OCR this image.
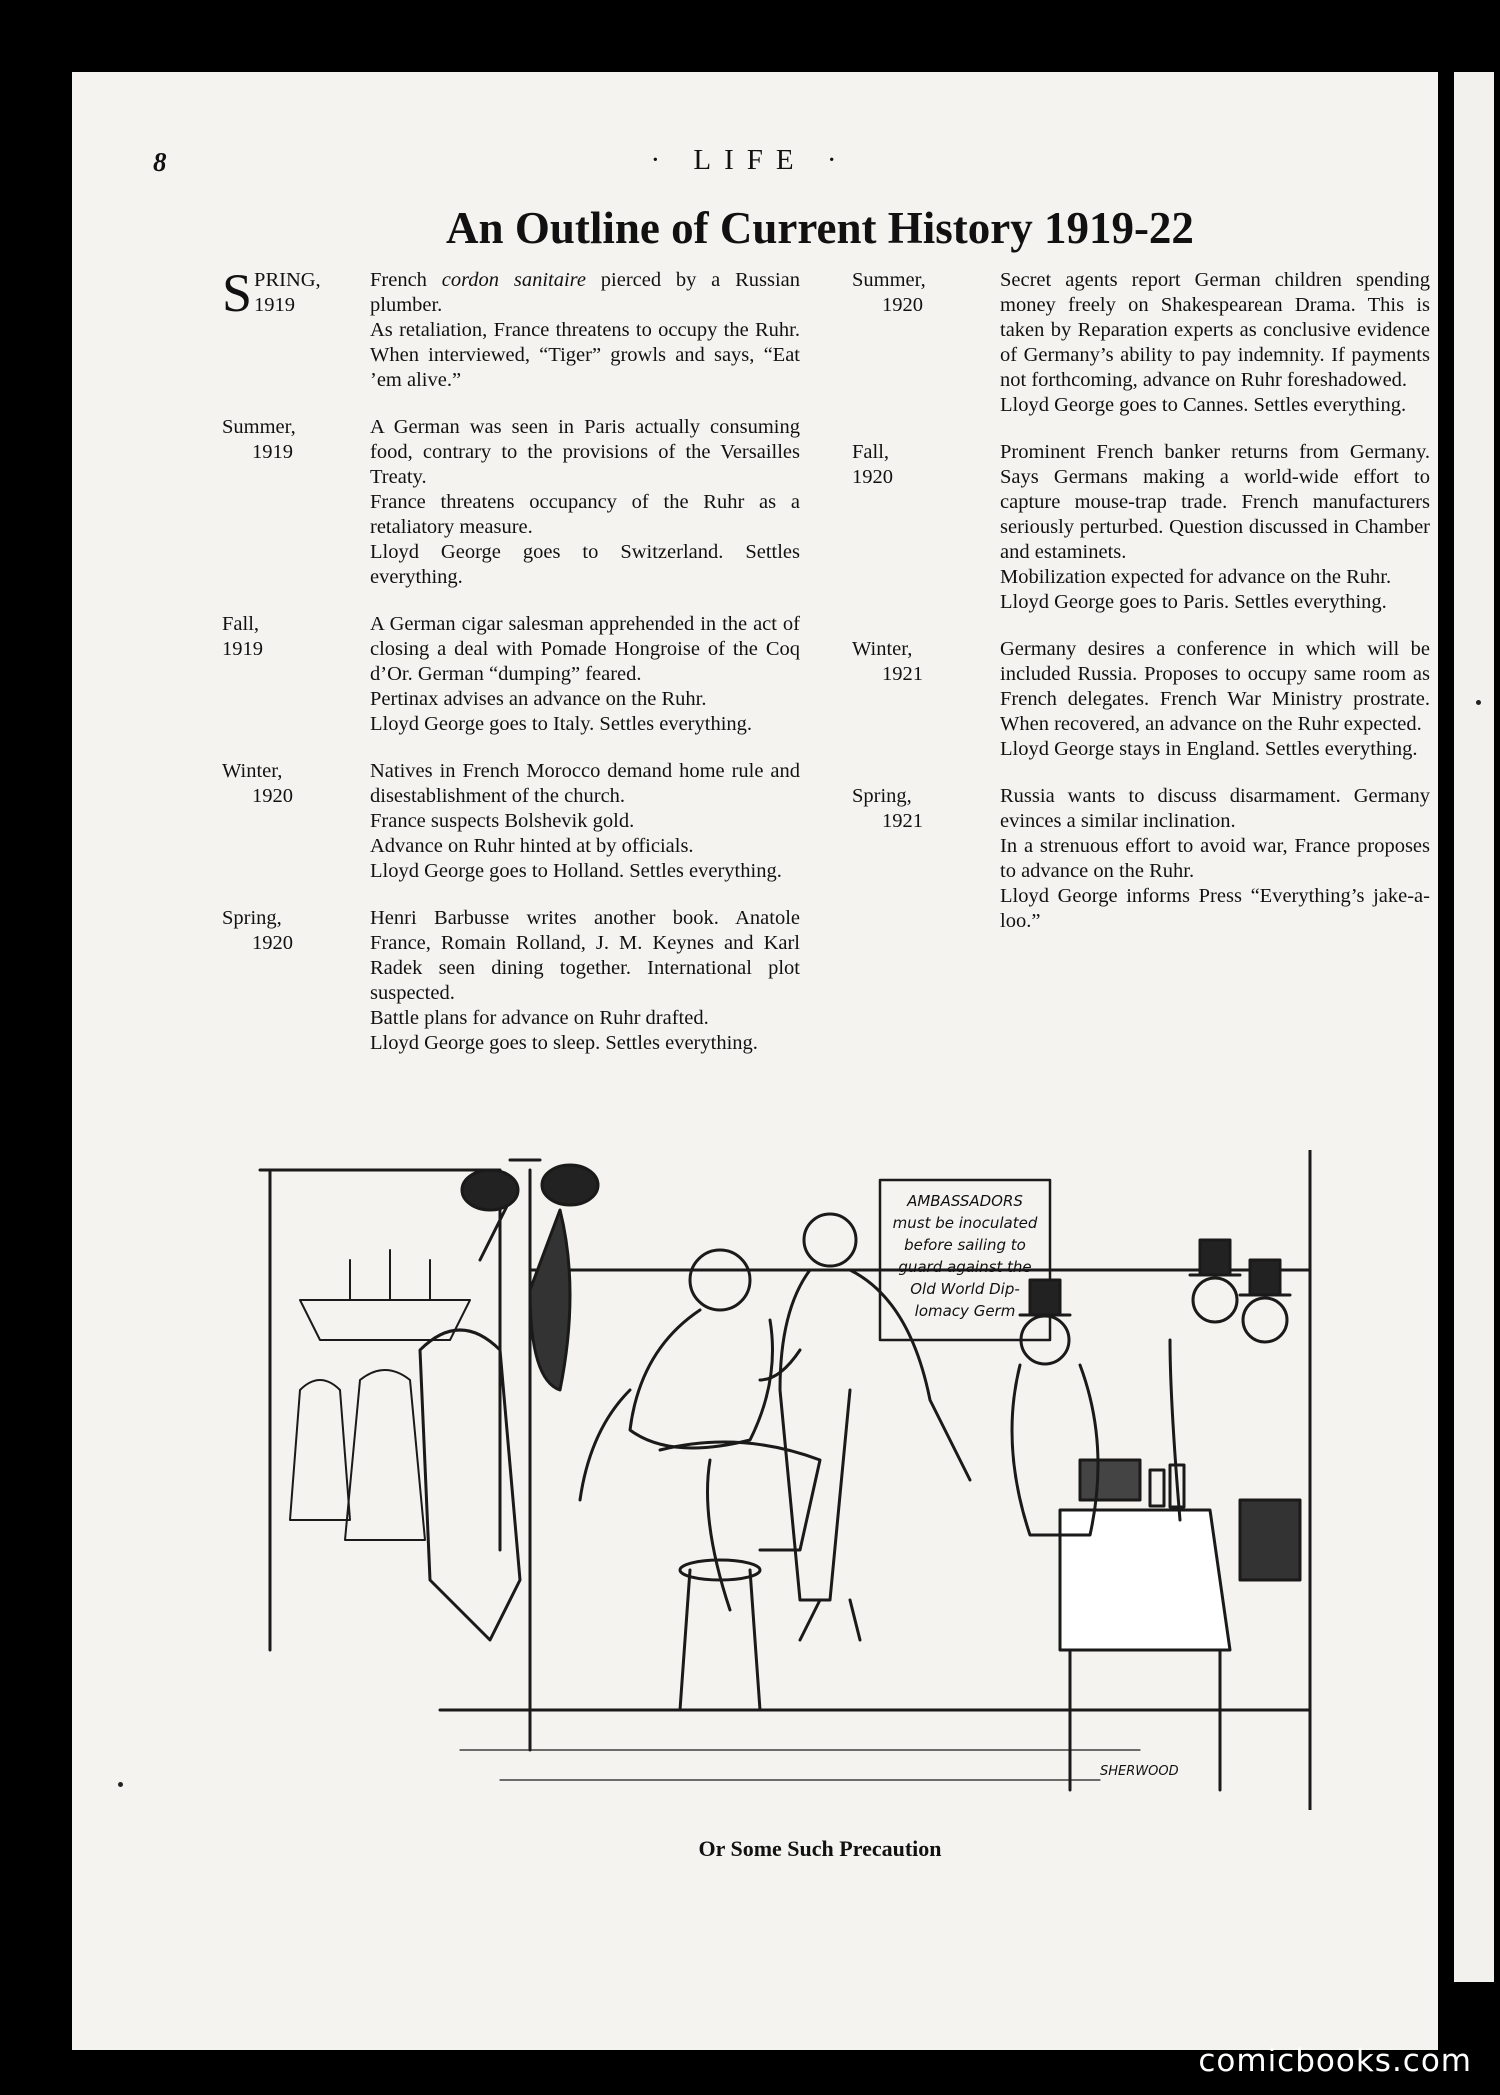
8	· LIFE ·
An Outline of Current History 1919-22
SPRING,
1919

French cordon sanitaire pierced by a Russian plumber.

As retaliation, France threatens to occupy the Ruhr. When interviewed, “Tiger” growls and says, “Eat ’em alive.”

Summer,
1919

A German was seen in Paris actually consuming food, contrary to the provisions of the Versailles Treaty.

France threatens occupancy of the Ruhr as a retaliatory measure.

Lloyd George goes to Switzerland. Settles everything.

Fall,
1919

A German cigar salesman apprehended in the act of closing a deal with Pomade Hongroise of the Coq d’Or. German “dumping” feared.

Pertinax advises an advance on the Ruhr.

Lloyd George goes to Italy. Settles everything.

Winter,
1920

Natives in French Morocco demand home rule and disestablishment of the church.

France suspects Bolshevik gold.

Advance on Ruhr hinted at by officials.

Lloyd George goes to Holland. Settles everything.

Spring,
1920

Henri Barbusse writes another book. Anatole France, Romain Rolland, J. M. Keynes and Karl Radek seen dining together. International plot suspected.

Battle plans for advance on Ruhr drafted.

Lloyd George goes to sleep. Settles everything.

Summer,
1920

Secret agents report German children spending money freely on Shakespearean Drama. This is taken by Reparation experts as conclusive evidence of Germany’s ability to pay indemnity. If payments not forthcoming, advance on Ruhr foreshadowed.

Lloyd George goes to Cannes. Settles everything.

Fall,
1920

Prominent French banker returns from Germany. Says Germans making a world-wide effort to capture mouse-trap trade. French manufacturers seriously perturbed. Question discussed in Chamber and estaminets.

Mobilization expected for advance on the Ruhr.

Lloyd George goes to Paris. Settles everything.

Winter,
1921

Germany desires a conference in which will be included Russia. Proposes to occupy same room as French delegates. French War Ministry prostrate. When recovered, an advance on the Ruhr expected.

Lloyd George stays in England. Settles everything.

Spring,
1921

Russia wants to discuss disarmament. Germany evinces a similar inclination.

In a strenuous effort to avoid war, France proposes to advance on the Ruhr.

Lloyd George informs Press “Everything’s jake-a-loo.”

AMBASSADORS
must be inoculated
before sailing to
guard against the
Old World Dip-
lomacy Germ
SHERWOOD
Or Some Such Precaution
comicbooks.com
